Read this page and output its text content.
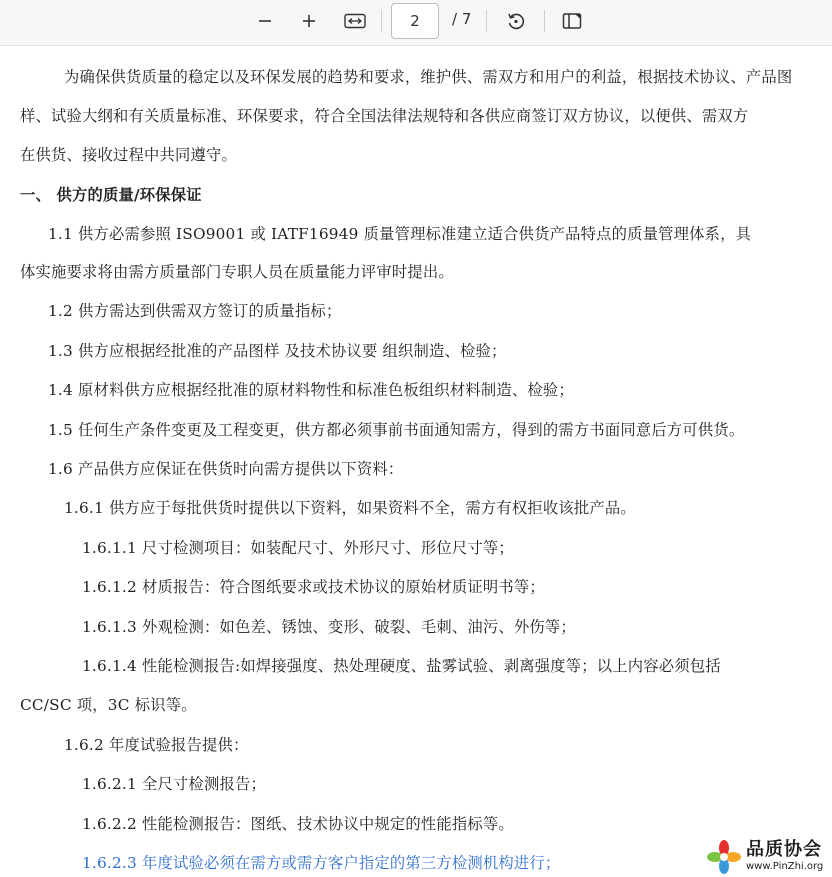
2
/ 7
为确保供货质量的稳定以及环保发展的趋势和要求，维护供、需双方和用户的利益，根据技术协议、产品图
样、试验大纲和有关质量标准、环保要求，符合全国法律法规特和各供应商签订双方协议，以便供、需双方
在供货、接收过程中共同遵守。
一、 供方的质量/环保保证
1.1 供方必需参照 ISO9001 或 IATF16949 质量管理标准建立适合供货产品特点的质量管理体系，具
体实施要求将由需方质量部门专职人员在质量能力评审时提出。
1.2 供方需达到供需双方签订的质量指标；
1.3 供方应根据经批准的产品图样 及技术协议要 组织制造、检验；
1.4 原材料供方应根据经批准的原材料物性和标准色板组织材料制造、检验；
1.5 任何生产条件变更及工程变更，供方都必须事前书面通知需方，得到的需方书面同意后方可供货。
1.6 产品供方应保证在供货时向需方提供以下资料：
1.6.1 供方应于每批供货时提供以下资料，如果资料不全，需方有权拒收该批产品。
1.6.1.1 尺寸检测项目：如装配尺寸、外形尺寸、形位尺寸等；
1.6.1.2 材质报告：符合图纸要求或技术协议的原始材质证明书等；
1.6.1.3 外观检测：如色差、锈蚀、变形、破裂、毛刺、油污、外伤等；
1.6.1.4 性能检测报告:如焊接强度、热处理硬度、盐雾试验、剥离强度等；以上内容必须包括
CC/SC 项，3C 标识等。
1.6.2 年度试验报告提供：
1.6.2.1 全尺寸检测报告；
1.6.2.2 性能检测报告：图纸、技术协议中规定的性能指标等。
1.6.2.3 年度试验必须在需方或需方客户指定的第三方检测机构进行；
品质协会
www.PinZhi.org
